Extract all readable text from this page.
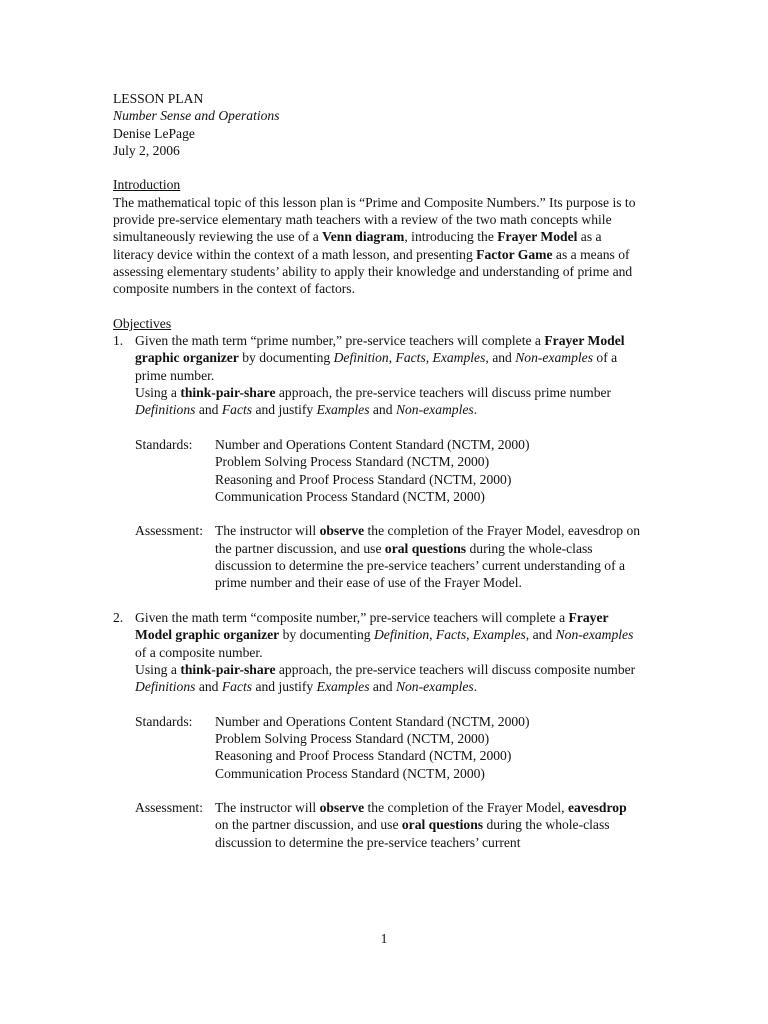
LESSON PLAN

Number Sense and Operations

Denise LePage

July 2, 2006

Introduction

The mathematical topic of this lesson plan is “Prime and Composite Numbers.” Its purpose is to provide pre-service elementary math teachers with a review of the two math concepts while simultaneously reviewing the use of a Venn diagram, introducing the Frayer Model as a literacy device within the context of a math lesson, and presenting Factor Game as a means of assessing elementary students’ ability to apply their knowledge and understanding of prime and composite numbers in the context of factors.

Objectives

1. Given the math term “prime number,” pre-service teachers will complete a Frayer Model graphic organizer by documenting Definition, Facts, Examples, and Non-examples of a prime number.

Using a think-pair-share approach, the pre-service teachers will discuss prime number Definitions and Facts and justify Examples and Non-examples.

Standards:	Number and Operations Content Standard (NCTM, 2000)

Problem Solving Process Standard (NCTM, 2000)

Reasoning and Proof Process Standard (NCTM, 2000)

Communication Process Standard (NCTM, 2000)

Assessment: The instructor will observe the completion of the Frayer Model, eavesdrop on the partner discussion, and use oral questions during the whole-class discussion to determine the pre-service teachers’ current understanding of a prime number and their ease of use of the Frayer Model.

2. Given the math term “composite number,” pre-service teachers will complete a Frayer Model graphic organizer by documenting Definition, Facts, Examples, and Non-examples of a composite number.

Using a think-pair-share approach, the pre-service teachers will discuss composite number Definitions and Facts and justify Examples and Non-examples.

Standards:	Number and Operations Content Standard (NCTM, 2000)

Problem Solving Process Standard (NCTM, 2000)

Reasoning and Proof Process Standard (NCTM, 2000)

Communication Process Standard (NCTM, 2000)

Assessment: The instructor will observe the completion of the Frayer Model, eavesdrop on the partner discussion, and use oral questions during the whole-class discussion to determine the pre-service teachers’ current

1
